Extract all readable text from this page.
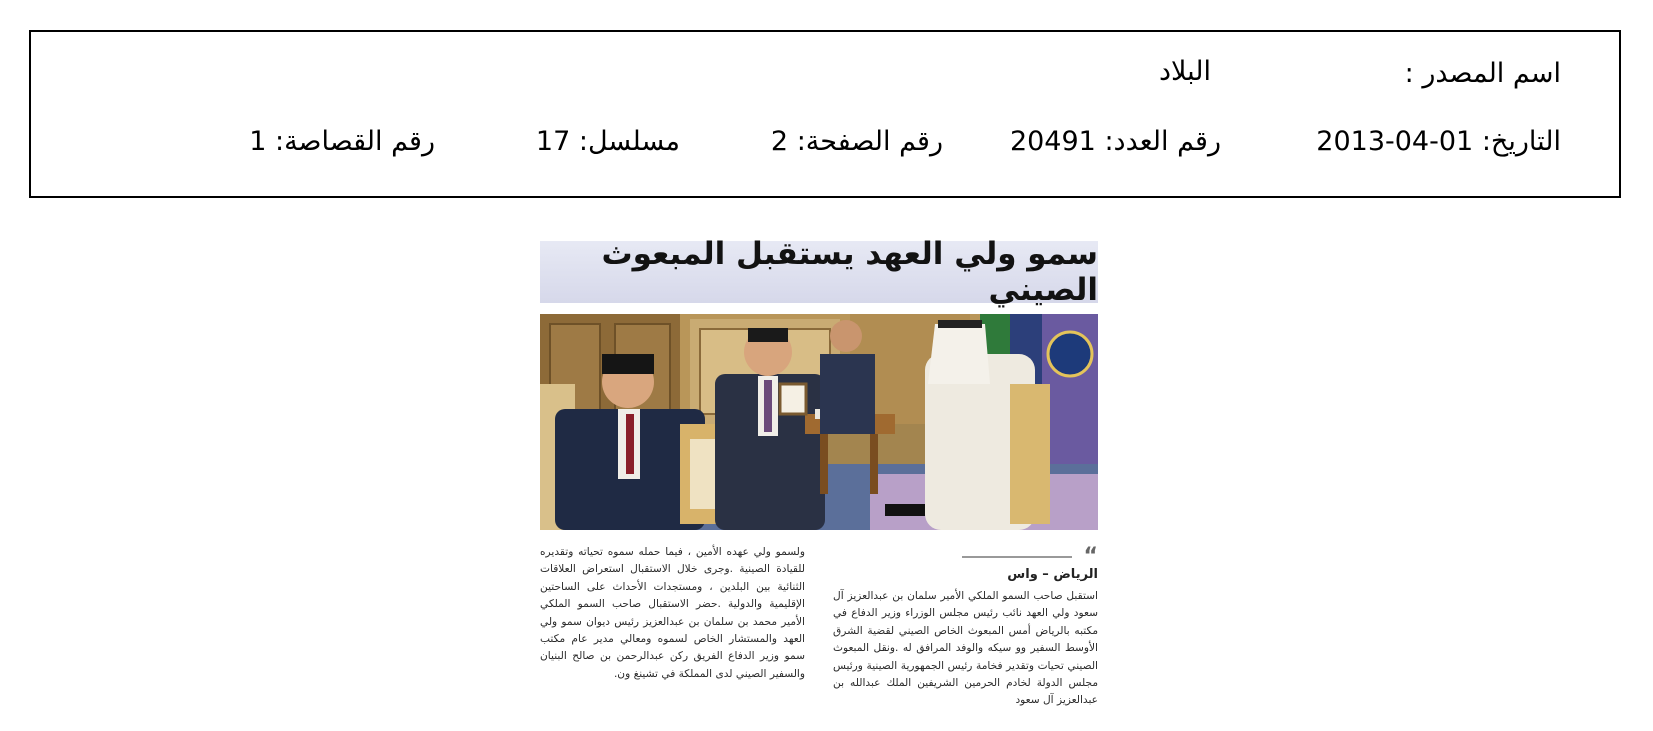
اسم المصدر :
البلاد
2013-04-01 التاريخ:
20491 رقم العدد:
2 رقم الصفحة:
17 مسلسل:
1 رقم القصاصة:
سمو ولي العهد يستقبل المبعوث الصيني
“
الرياض – واس
استقبل صاحب السمو الملكي الأمير سلمان بن عبدالعزيز آل سعود ولي العهد نائب رئيس مجلس الوزراء وزير الدفاع في مكتبه بالرياض أمس المبعوث الخاص الصيني لقضية الشرق الأوسط السفير وو سيكه والوفد المرافق له .ونقل المبعوث الصيني تحيات وتقدير فخامة رئيس الجمهورية الصينية ورئيس مجلس الدولة لخادم الحرمين الشريفين الملك عبدالله بن عبدالعزيز آل سعود
ولسمو ولي عهده الأمين ، فيما حمله سموه تحياته وتقديره للقيادة الصينية .وجرى خلال الاستقبال استعراض العلاقات الثنائية بين البلدين ، ومستجدات الأحداث على الساحتين الإقليمية والدولية .حضر الاستقبال صاحب السمو الملكي الأمير محمد بن سلمان بن عبدالعزيز رئيس ديوان سمو ولي العهد والمستشار الخاص لسموه ومعالي مدير عام مكتب سمو وزير الدفاع الفريق ركن عبدالرحمن بن صالح البنيان والسفير الصيني لدى المملكة في تشينغ ون.
